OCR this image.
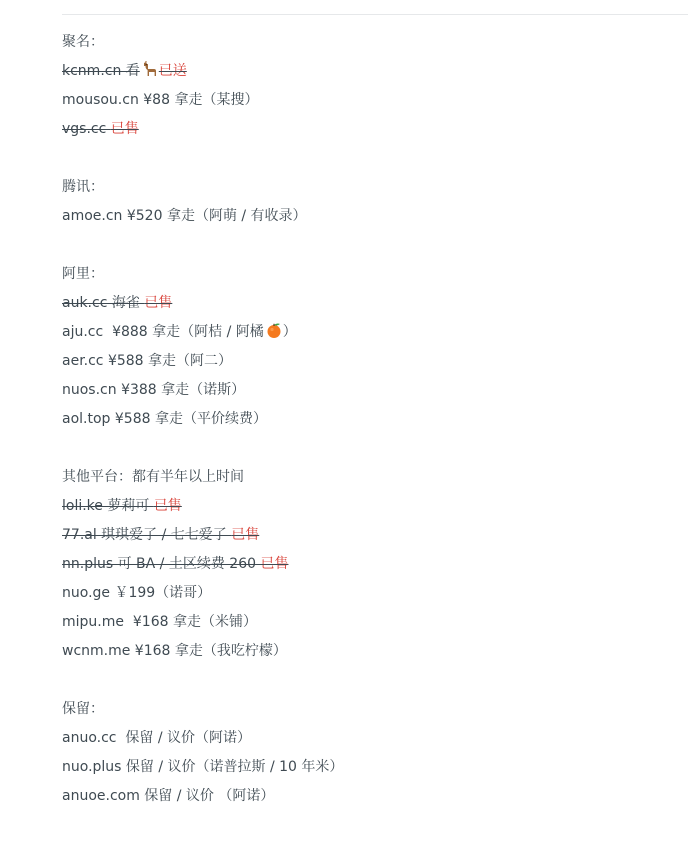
聚名：
kcnm.cn 看 已送
mousou.cn ¥88 拿走（某搜）
vgs.cc 已售
腾讯：
amoe.cn ¥520 拿走（阿萌 / 有收录）
阿里：
auk.cc 海雀 已售
aju.cc  ¥888 拿走（阿桔 / 阿橘 ）
aer.cc ¥588 拿走（阿二）
nuos.cn ¥388 拿走（诺斯）
aol.top ¥588 拿走（平价续费）
其他平台：都有半年以上时间
loli.ke 萝莉可 已售
77.al 琪琪爱了 / 七七爱了 已售
nn.plus 可 BA / 土区续费 260 已售
nuo.ge ￥199（诺哥）
mipu.me  ¥168 拿走（米铺）
wcnm.me ¥168 拿走（我吃柠檬）
保留：
anuo.cc  保留 / 议价（阿诺）
nuo.plus 保留 / 议价（诺普拉斯 / 10 年米）
anuoe.com 保留 / 议价 （阿诺）
